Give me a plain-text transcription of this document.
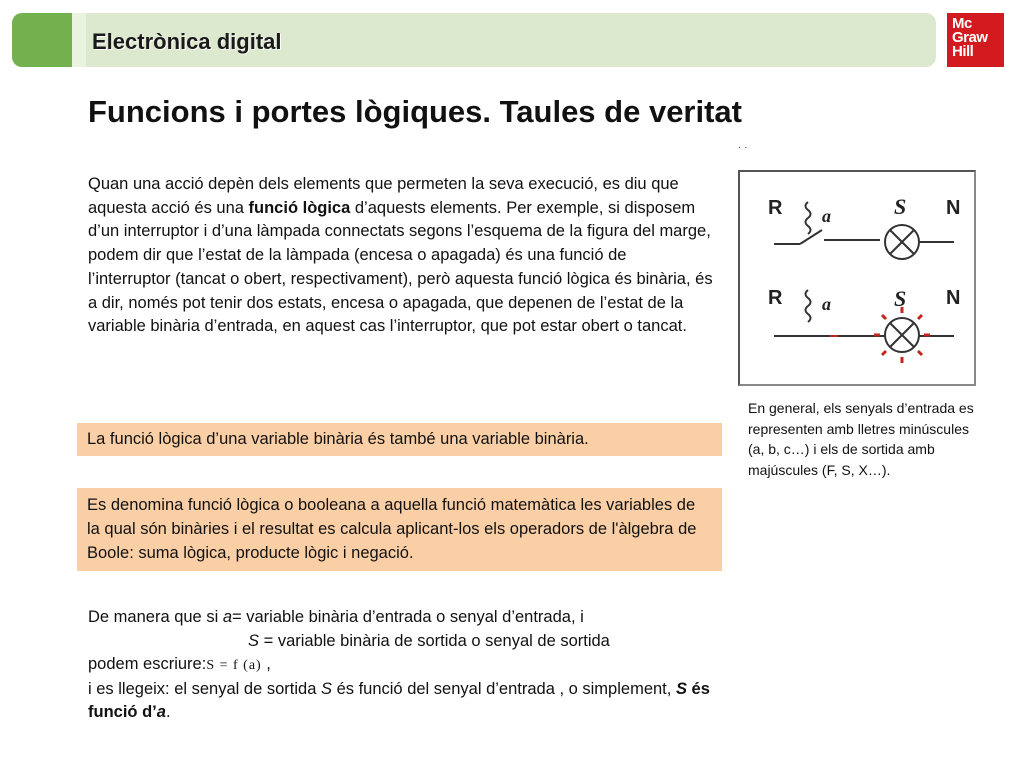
Electrònica digital
Mc
Graw
Hill
Funcions i portes lògiques. Taules de veritat
Quan una acció depèn dels elements que permeten la seva execució, es diu que aquesta acció és una funció lògica d’aquests elements. Per exemple, si disposem d’un interruptor i d’una làmpada connectats segons l’esquema de la figura del marge, podem dir que l’estat de la làmpada (encesa o apagada) és una funció de l’interruptor (tancat o obert, respectivament), però aquesta funció lògica és binària, és a dir, només pot tenir dos estats, encesa o apagada, que depenen de l’estat de la variable binària d’entrada, en aquest cas l’interruptor, que pot estar obert o tancat.
· ·
R a	S N
R a	S N
En general, els senyals d’entrada es representen amb lletres minúscules (a, b, c…) i els de sortida amb majúscules (F, S, X…).
La funció lògica d’una variable binària és també una variable binària.
Es denomina funció lògica o booleana a aquella funció matemàtica les variables de la qual són binàries i el resultat es calcula aplicant-los els operadors de l'àlgebra de Boole: suma lògica, producte lògic i negació.
De manera que si a= variable binària d’entrada o senyal d’entrada, i
S = variable binària de sortida o senyal de sortida
podem escriure:S = f (a) ,
i es llegeix: el senyal de sortida S és funció del senyal d’entrada , o simplement, S és
funció d’a.
